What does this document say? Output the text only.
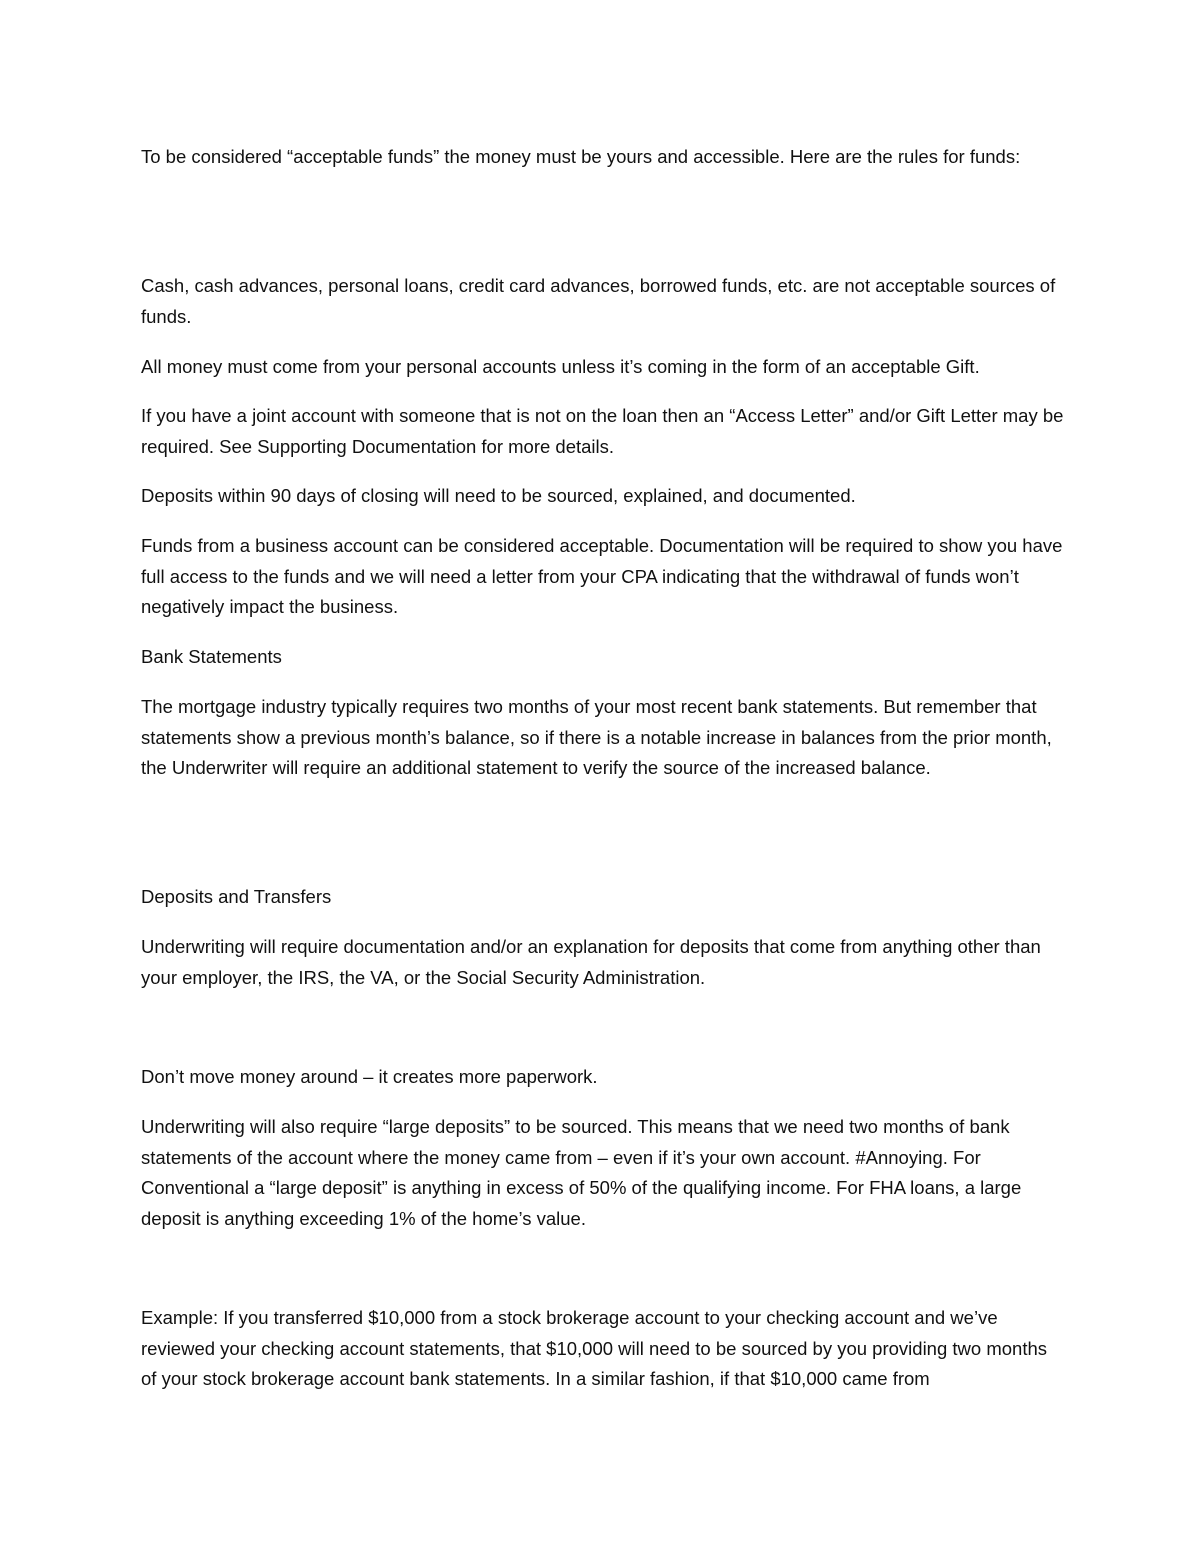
To be considered “acceptable funds” the money must be yours and accessible. Here are the rules for funds:

Cash, cash advances, personal loans, credit card advances, borrowed funds, etc. are not acceptable sources of funds.

All money must come from your personal accounts unless it’s coming in the form of an acceptable Gift.

If you have a joint account with someone that is not on the loan then an “Access Letter” and/or Gift Letter may be required. See Supporting Documentation for more details.

Deposits within 90 days of closing will need to be sourced, explained, and documented.

Funds from a business account can be considered acceptable. Documentation will be required to show you have full access to the funds and we will need a letter from your CPA indicating that the withdrawal of funds won’t negatively impact the business.

Bank Statements

The mortgage industry typically requires two months of your most recent bank statements. But remember that statements show a previous month’s balance, so if there is a notable increase in balances from the prior month, the Underwriter will require an additional statement to verify the source of the increased balance.

Deposits and Transfers

Underwriting will require documentation and/or an explanation for deposits that come from anything other than your employer, the IRS, the VA, or the Social Security Administration.

Don’t move money around – it creates more paperwork.

Underwriting will also require “large deposits” to be sourced. This means that we need two months of bank statements of the account where the money came from – even if it’s your own account. #Annoying. For Conventional a “large deposit” is anything in excess of 50% of the qualifying income. For FHA loans, a large deposit is anything exceeding 1% of the home’s value.

Example: If you transferred $10,000 from a stock brokerage account to your checking account and we’ve reviewed your checking account statements, that $10,000 will need to be sourced by you providing two months of your stock brokerage account bank statements. In a similar fashion, if that $10,000 came from
